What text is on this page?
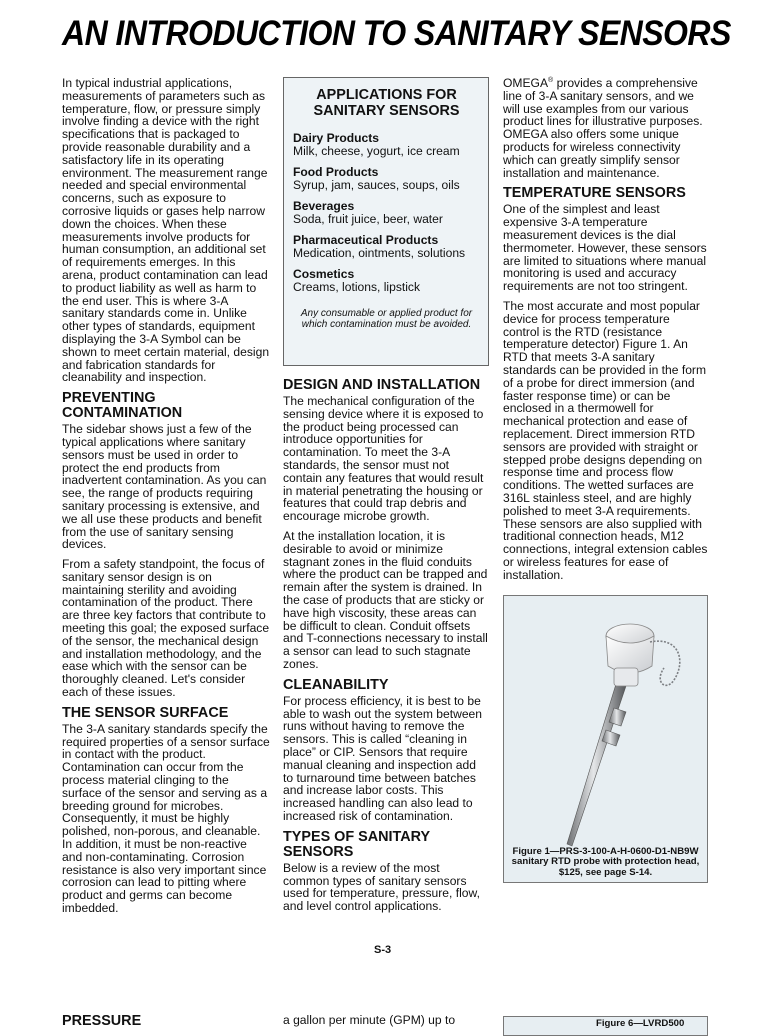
AN INTRODUCTION TO SANITARY SENSORS

In typical industrial applications, measurements of parameters such as temperature, flow, or pressure simply involve finding a device with the right specifications that is packaged to provide reasonable durability and a satisfactory life in its operating environment. The measurement range needed and special environmental concerns, such as exposure to corrosive liquids or gases help narrow down the choices. When these measurements involve products for human consumption, an additional set of requirements emerges. In this arena, product contamination can lead to product liability as well as harm to the end user. This is where 3-A sanitary standards come in. Unlike other types of standards, equipment displaying the 3-A Symbol can be shown to meet certain material, design and fabrication standards for cleanability and inspection.

PREVENTING CONTAMINATION

The sidebar shows just a few of the typical applications where sanitary sensors must be used in order to protect the end products from inadvertent contamination. As you can see, the range of products requiring sanitary processing is extensive, and we all use these products and benefit from the use of sanitary sensing devices.

From a safety standpoint, the focus of sanitary sensor design is on maintaining sterility and avoiding contamination of the product. There are three key factors that contribute to meeting this goal; the exposed surface of the sensor, the mechanical design and installation methodology, and the ease which with the sensor can be thoroughly cleaned. Let's consider each of these issues.

THE SENSOR SURFACE

The 3-A sanitary standards specify the required properties of a sensor surface in contact with the product. Contamination can occur from the process material clinging to the surface of the sensor and serving as a breeding ground for microbes. Consequently, it must be highly polished, non-porous, and cleanable. In addition, it must be non-reactive and non-contaminating. Corrosion resistance is also very important since corrosion can lead to pitting where product and germs can become imbedded.

APPLICATIONS FOR SANITARY SENSORS
Dairy Products
Milk, cheese, yogurt, ice cream
Food Products
Syrup, jam, sauces, soups, oils
Beverages
Soda, fruit juice, beer, water
Pharmaceutical Products
Medication, ointments, solutions
Cosmetics
Creams, lotions, lipstick
Any consumable or applied product for which contamination must be avoided.
DESIGN AND INSTALLATION

The mechanical configuration of the sensing device where it is exposed to the product being processed can introduce opportunities for contamination. To meet the 3-A standards, the sensor must not contain any features that would result in material penetrating the housing or features that could trap debris and encourage microbe growth.

At the installation location, it is desirable to avoid or minimize stagnant zones in the fluid conduits where the product can be trapped and remain after the system is drained. In the case of products that are sticky or have high viscosity, these areas can be difficult to clean. Conduit offsets and T-connections necessary to install a sensor can lead to such stagnate zones.

CLEANABILITY

For process efficiency, it is best to be able to wash out the system between runs without having to remove the sensors. This is called “cleaning in place” or CIP. Sensors that require manual cleaning and inspection add to turnaround time between batches and increase labor costs. This increased handling can also lead to increased risk of contamination.

TYPES OF SANITARY SENSORS

Below is a review of the most common types of sanitary sensors used for temperature, pressure, flow, and level control applications.

OMEGA® provides a comprehensive line of 3-A sanitary sensors, and we will use examples from our various product lines for illustrative purposes. OMEGA also offers some unique products for wireless connectivity which can greatly simplify sensor installation and maintenance.

TEMPERATURE SENSORS

One of the simplest and least expensive 3-A temperature measurement devices is the dial thermometer. However, these sensors are limited to situations where manual monitoring is used and accuracy requirements are not too stringent.

The most accurate and most popular device for process temperature control is the RTD (resistance temperature detector) Figure 1. An RTD that meets 3-A sanitary standards can be provided in the form of a probe for direct immersion (and faster response time) or can be enclosed in a thermowell for mechanical protection and ease of replacement. Direct immersion RTD sensors are provided with straight or stepped probe designs depending on response time and process flow conditions. The wetted surfaces are 316L stainless steel, and are highly polished to meet 3-A requirements. These sensors are also supplied with traditional connection heads, M12 connections, integral extension cables or wireless features for ease of installation.

Figure 1—PRS-3-100-A-H-0600-D1-NB9W sanitary RTD probe with protection head, $125, see page S-14.
S-3
PRESSURE	a gallon per minute (GPM) up to	Figure 6—LVRD500
